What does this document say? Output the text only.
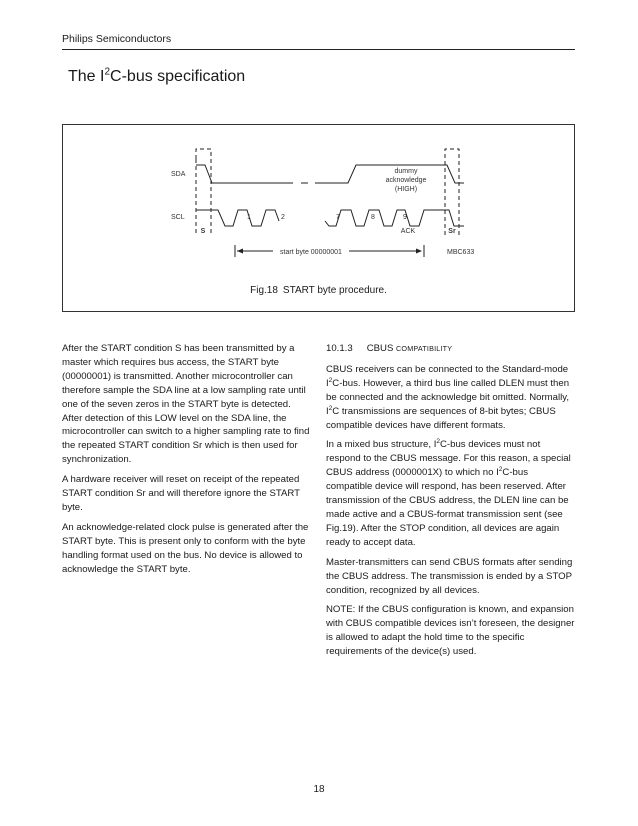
Philips Semiconductors
The $I^2C$-bus specification
SDA
SCL
S	Sr
1	2	7	8	9
dummy
acknowledge
(HIGH)
ACK
start byte 00000001	MBC633
Fig.18 START byte procedure.

After the START condition S has been transmitted by a master which requires bus access, the START byte (00000001) is transmitted. Another microcontroller can therefore sample the SDA line at a low sampling rate until one of the seven zeros in the START byte is detected. After detection of this LOW level on the SDA line, the microcontroller can switch to a higher sampling rate to find the repeated START condition Sr which is then used for synchronization.

A hardware receiver will reset on receipt of the repeated START condition Sr and will therefore ignore the START byte.

An acknowledge-related clock pulse is generated after the START byte. This is present only to conform with the byte handling format used on the bus. No device is allowed to acknowledge the START byte.

10.1.3 CBUS COMPATIBILITY

CBUS receivers can be connected to the Standard-mode $I^2C$-bus. However, a third bus line called DLEN must then be connected and the acknowledge bit omitted. Normally, $I^2C$ transmissions are sequences of 8-bit bytes; CBUS compatible devices have different formats.

In a mixed bus structure, $I^2C$-bus devices must not respond to the CBUS message. For this reason, a special CBUS address (0000001X) to which no $I^2C$-bus compatible device will respond, has been reserved. After transmission of the CBUS address, the DLEN line can be made active and a CBUS-format transmission sent (see Fig.19). After the STOP condition, all devices are again ready to accept data.

Master-transmitters can send CBUS formats after sending the CBUS address. The transmission is ended by a STOP condition, recognized by all devices.

NOTE: If the CBUS configuration is known, and expansion with CBUS compatible devices isn’t foreseen, the designer is allowed to adapt the hold time to the specific requirements of the device(s) used.

18
